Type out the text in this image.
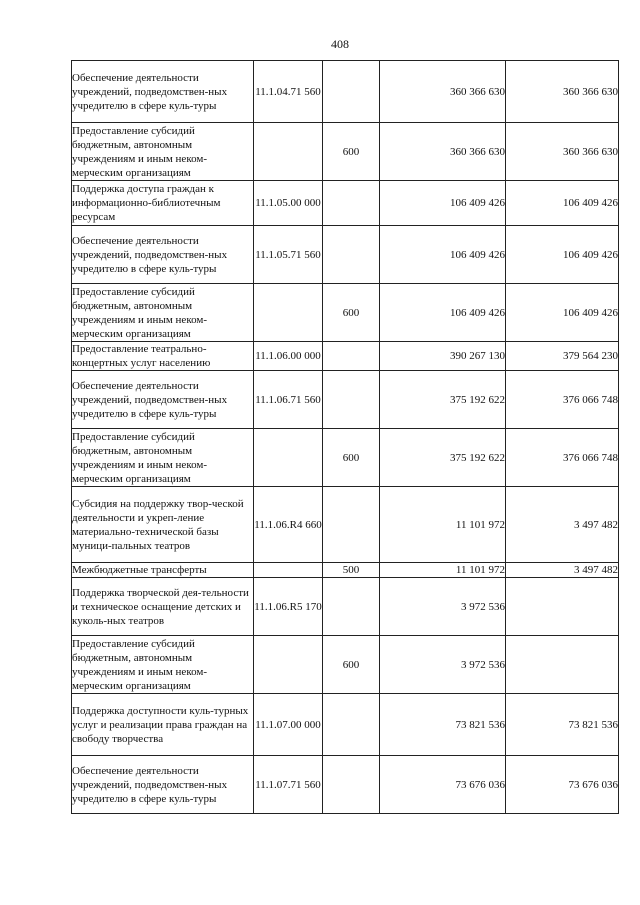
408
Обеспечение деятельности учреждений, подведомствен-ных учредителю в сфере куль-туры	11.1.04.71 560		360 366 630	360 366 630
Предоставление субсидий бюджетным, автономным учреждениям и иным неком-мерческим организациям		600	360 366 630	360 366 630
Поддержка доступа граждан к информационно-библиотечным ресурсам	11.1.05.00 000		106 409 426	106 409 426
Обеспечение деятельности учреждений, подведомствен-ных учредителю в сфере куль-туры	11.1.05.71 560		106 409 426	106 409 426
Предоставление субсидий бюджетным, автономным учреждениям и иным неком-мерческим организациям		600	106 409 426	106 409 426
Предоставление театрально-концертных услуг населению	11.1.06.00 000		390 267 130	379 564 230
Обеспечение деятельности учреждений, подведомствен-ных учредителю в сфере куль-туры	11.1.06.71 560		375 192 622	376 066 748
Предоставление субсидий бюджетным, автономным учреждениям и иным неком-мерческим организациям		600	375 192 622	376 066 748
Субсидия на поддержку твор-ческой деятельности и укреп-ление материально-технической базы муници-пальных театров	11.1.06.R4 660		11 101 972	3 497 482
Межбюджетные трансферты		500	11 101 972	3 497 482
Поддержка творческой дея-тельности и техническое оснащение детских и куколь-ных театров	11.1.06.R5 170		3 972 536	
Предоставление субсидий бюджетным, автономным учреждениям и иным неком-мерческим организациям		600	3 972 536	
Поддержка доступности куль-турных услуг и реализации права граждан на свободу творчества	11.1.07.00 000		73 821 536	73 821 536
Обеспечение деятельности учреждений, подведомствен-ных учредителю в сфере куль-туры	11.1.07.71 560		73 676 036	73 676 036
